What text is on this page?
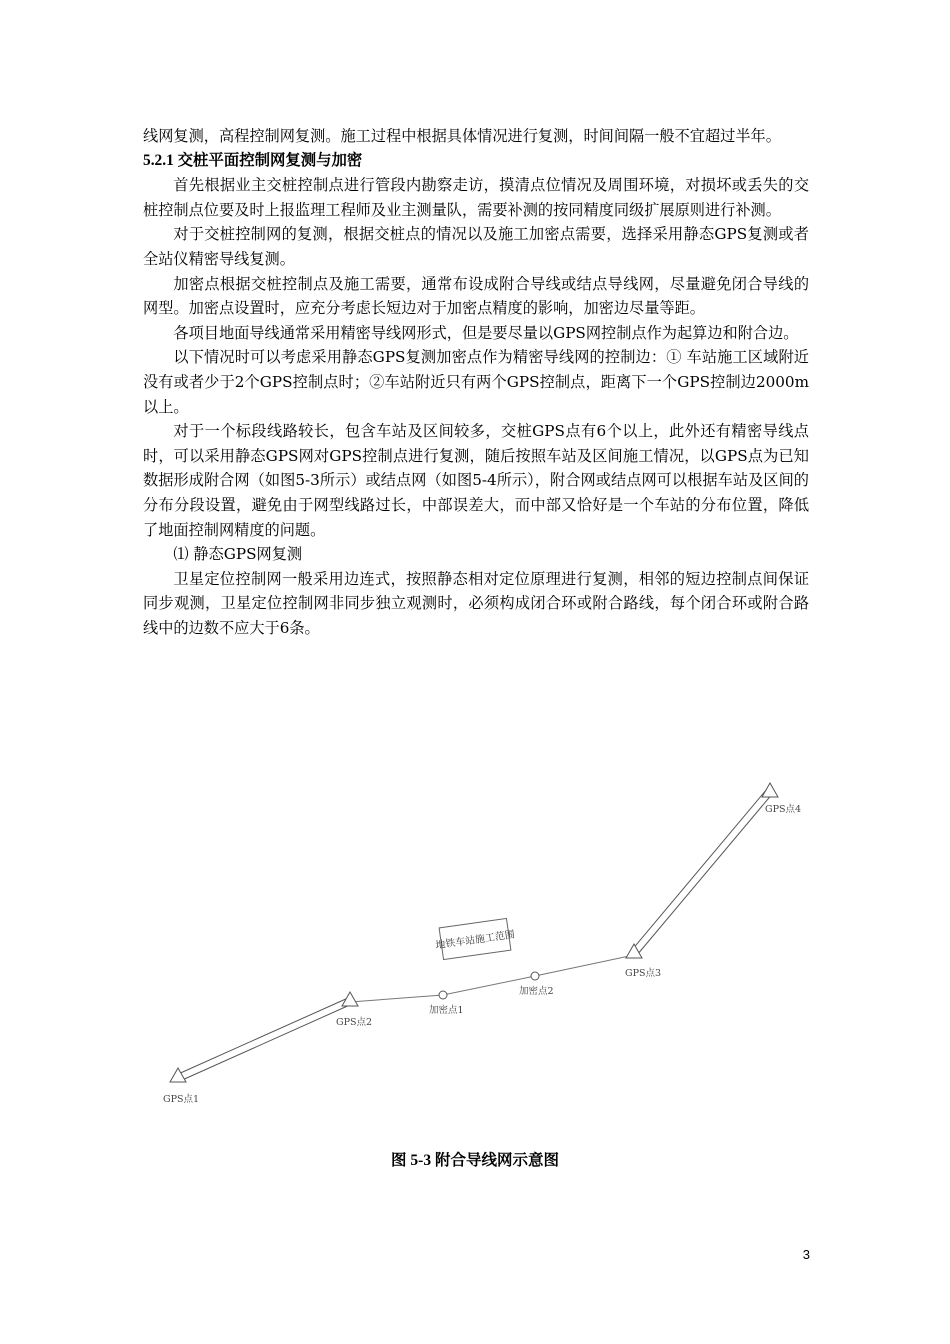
线网复测，高程控制网复测。施工过程中根据具体情况进行复测，时间间隔一般不宜超过半年。

5.2.1 交桩平面控制网复测与加密

首先根据业主交桩控制点进行管段内勘察走访，摸清点位情况及周围环境，对损坏或丢失的交桩控制点位要及时上报监理工程师及业主测量队，需要补测的按同精度同级扩展原则进行补测。

对于交桩控制网的复测，根据交桩点的情况以及施工加密点需要，选择采用静态GPS复测或者全站仪精密导线复测。

加密点根据交桩控制点及施工需要，通常布设成附合导线或结点导线网，尽量避免闭合导线的网型。加密点设置时，应充分考虑长短边对于加密点精度的影响，加密边尽量等距。

各项目地面导线通常采用精密导线网形式，但是要尽量以GPS网控制点作为起算边和附合边。

以下情况时可以考虑采用静态GPS复测加密点作为精密导线网的控制边：① 车站施工区域附近没有或者少于2个GPS控制点时；②车站附近只有两个GPS控制点，距离下一个GPS控制边2000m以上。

对于一个标段线路较长，包含车站及区间较多，交桩GPS点有6个以上，此外还有精密导线点时，可以采用静态GPS网对GPS控制点进行复测，随后按照车站及区间施工情况，以GPS点为已知数据形成附合网（如图5-3所示）或结点网（如图5-4所示），附合网或结点网可以根据车站及区间的分布分段设置，避免由于网型线路过长，中部误差大，而中部又恰好是一个车站的分布位置，降低了地面控制网精度的问题。

⑴ 静态GPS网复测

卫星定位控制网一般采用边连式，按照静态相对定位原理进行复测，相邻的短边控制点间保证同步观测，卫星定位控制网非同步独立观测时，必须构成闭合环或附合路线，每个闭合环或附合路线中的边数不应大于6条。

地铁车站施工范围
GPS点1
GPS点2
GPS点3
GPS点4
加密点1
加密点2
图 5-3 附合导线网示意图
3
